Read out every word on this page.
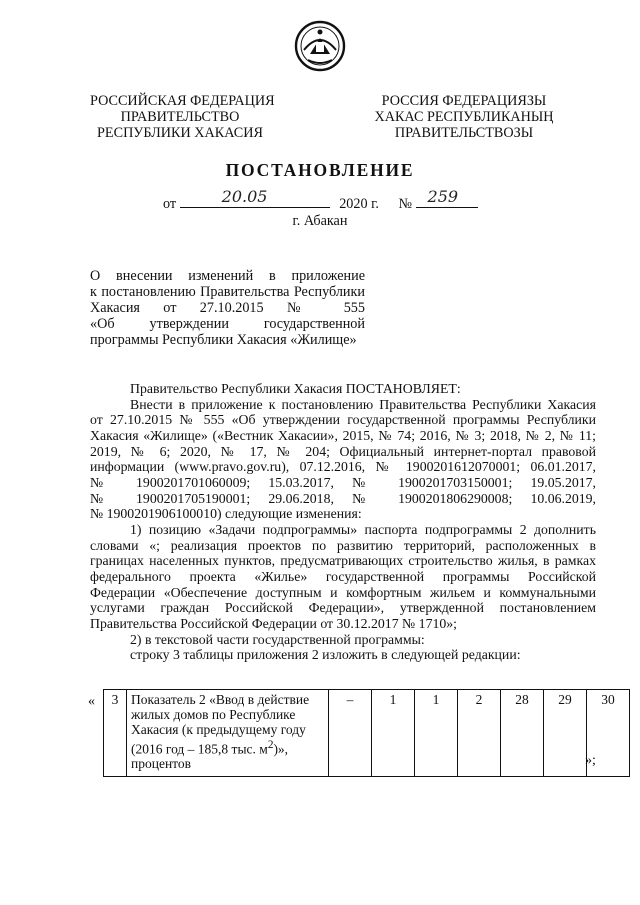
РОССИЙСКАЯ ФЕДЕРАЦИЯ
ПРАВИТЕЛЬСТВО
РЕСПУБЛИКИ ХАКАСИЯ
РОССИЯ ФЕДЕРАЦИЯЗЫ
ХАКАС РЕСПУБЛИКАНЫҢ
ПРАВИТЕЛЬСТВОЗЫ
ПОСТАНОВЛЕНИЕ
от	20.05	2020 г. № 259
г. Абакан
О внесении изменений в приложение
к постановлению Правительства Республики
Хакасия от 27.10.2015 № 555
«Об утверждении государственной
программы Республики Хакасия «Жилище»
Правительство Республики Хакасия ПОСТАНОВЛЯЕТ:
Внести в приложение к постановлению Правительства Республики Хакасия
от 27.10.2015 № 555 «Об утверждении государственной программы Республики
Хакасия «Жилище» («Вестник Хакасии», 2015, № 74; 2016, № 3; 2018, № 2, № 11;
2019, № 6; 2020, № 17, № 204; Официальный интернет-портал правовой
информации (www.pravo.gov.ru), 07.12.2016, № 1900201612070001; 06.01.2017,
№ 1900201701060009; 15.03.2017, № 1900201703150001; 19.05.2017,
№ 1900201705190001; 29.06.2018, № 1900201806290008; 10.06.2019,
№ 1900201906100010) следующие изменения:
1) позицию «Задачи подпрограммы» паспорта подпрограммы 2 дополнить
словами «; реализация проектов по развитию территорий, расположенных в
границах населенных пунктов, предусматривающих строительство жилья, в рамках
федерального проекта «Жилье» государственной программы Российской
Федерации «Обеспечение доступным и комфортным жильем и коммунальными
услугами граждан Российской Федерации», утвержденной постановлением
Правительства Российской Федерации от 30.12.2017 № 1710»;
2) в текстовой части государственной программы:
строку 3 таблицы приложения 2 изложить в следующей редакции:
« 3	Показатель 2 «Ввод в действие жилых домов по Республике Хакасия (к предыдущему году (2016 год – 185,8 тыс. $м^2$)», процентов	–	1	1	2	28	29	30
»;
